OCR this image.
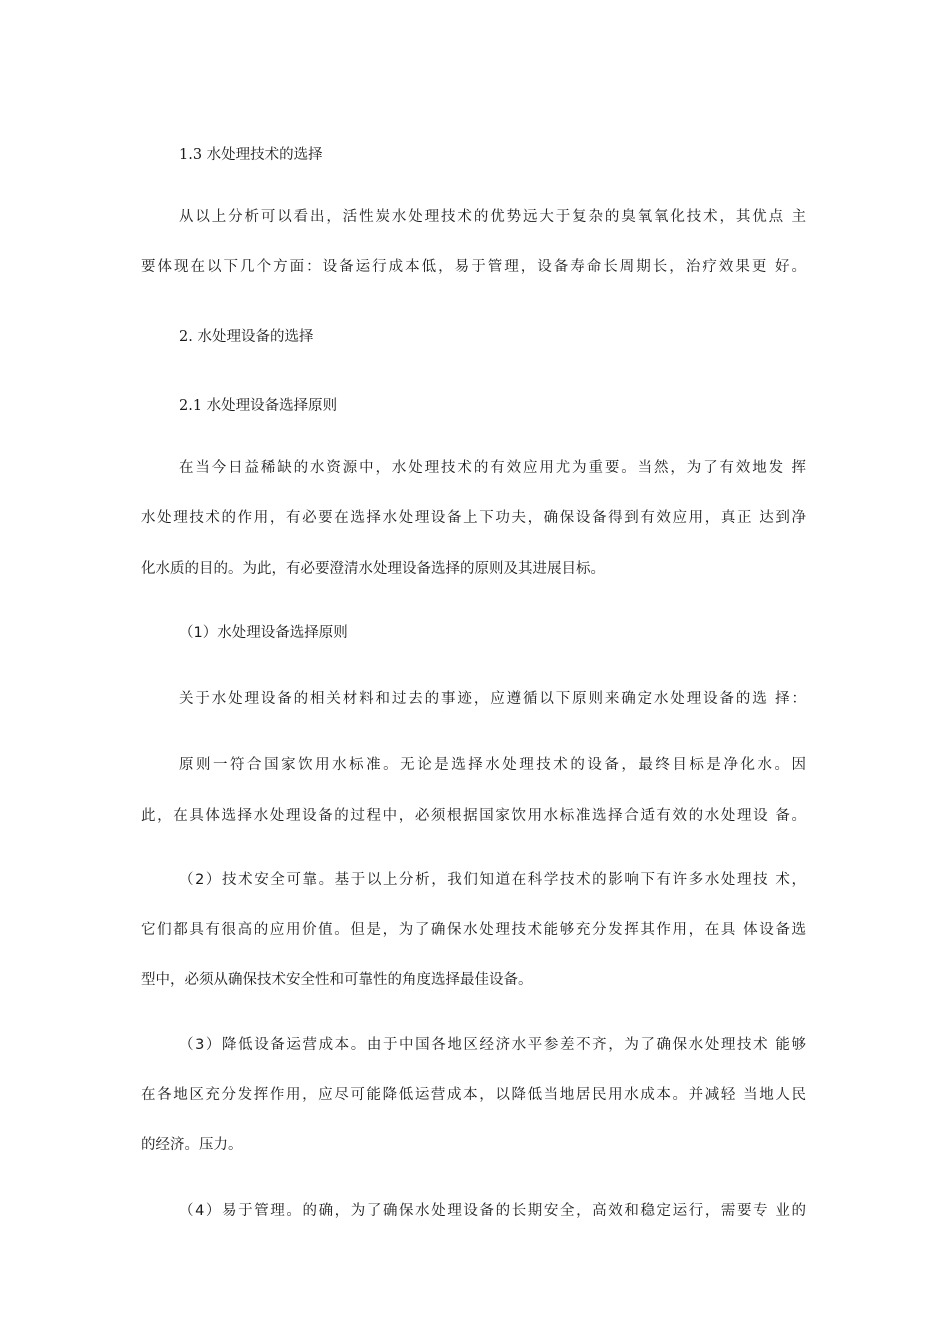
1.3 水处理技术的选择

从以上分析可以看出，活性炭水处理技术的优势远大于复杂的臭氧氧化技术，其优点 主

要体现在以下几个方面：设备运行成本低，易于管理，设备寿命长周期长，治疗效果更 好。

2. 水处理设备的选择

2.1 水处理设备选择原则

在当今日益稀缺的水资源中，水处理技术的有效应用尤为重要。当然，为了有效地发 挥

水处理技术的作用，有必要在选择水处理设备上下功夫，确保设备得到有效应用，真正 达到净

化水质的目的。为此，有必要澄清水处理设备选择的原则及其进展目标。

（1）水处理设备选择原则

关于水处理设备的相关材料和过去的事迹，应遵循以下原则来确定水处理设备的选 择：

原则一符合国家饮用水标准。无论是选择水处理技术的设备，最终目标是净化水。因

此，在具体选择水处理设备的过程中，必须根据国家饮用水标准选择合适有效的水处理设 备。

（2）技术安全可靠。基于以上分析，我们知道在科学技术的影响下有许多水处理技 术，

它们都具有很高的应用价值。但是，为了确保水处理技术能够充分发挥其作用，在具 体设备选

型中，必须从确保技术安全性和可靠性的角度选择最佳设备。

（3）降低设备运营成本。由于中国各地区经济水平参差不齐，为了确保水处理技术 能够

在各地区充分发挥作用，应尽可能降低运营成本，以降低当地居民用水成本。并减轻 当地人民

的经济。压力。

（4）易于管理。的确，为了确保水处理设备的长期安全，高效和稳定运行，需要专 业的
